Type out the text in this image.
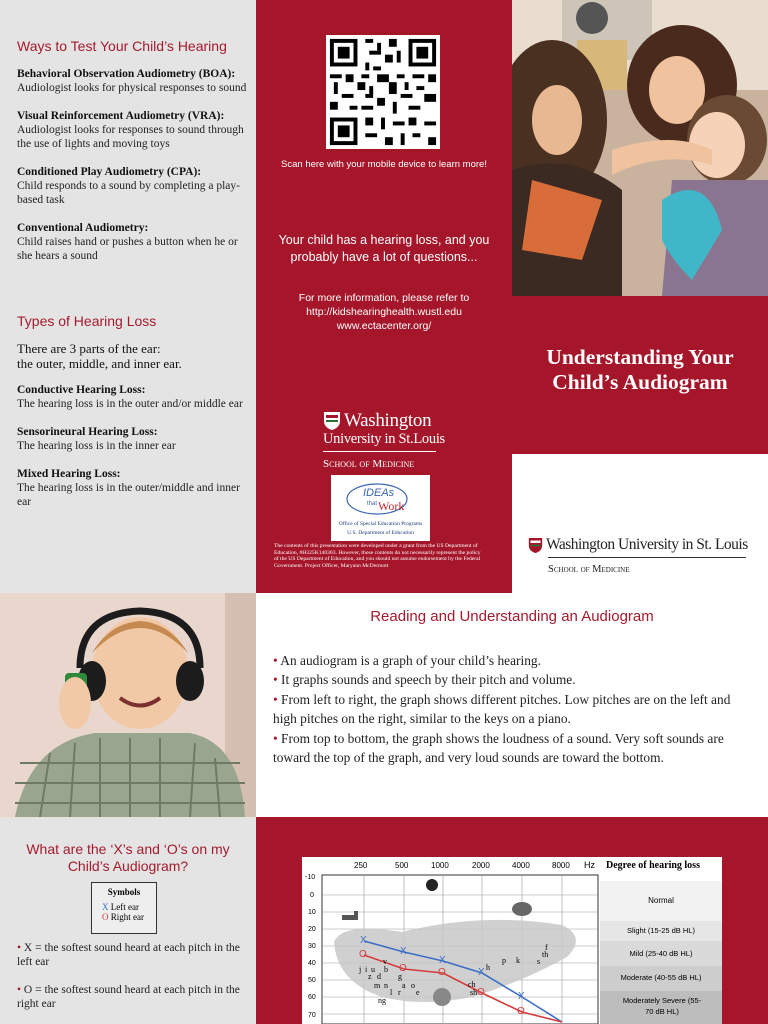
Ways to Test Your Child’s Hearing
Behavioral Observation Audiometry (BOA):
Audiologist looks for physical responses to sound
Visual Reinforcement Audiometry (VRA):
Audiologist looks for responses to sound through the use of lights and moving toys
Conditioned Play Audiometry (CPA):
Child responds to a sound by completing a play-based task
Conventional Audiometry:
Child raises hand or pushes a button when he or she hears a sound
Types of Hearing Loss
There are 3 parts of the ear:
the outer, middle, and inner ear.
Conductive Hearing Loss:
The hearing loss is in the outer and/or middle ear
Sensorineural Hearing Loss:
The hearing loss is in the inner ear
Mixed Hearing Loss:
The hearing loss is in the outer/middle and inner ear
Scan here with your mobile device to learn more!
Your child has a hearing loss, and you
probably have a lot of questions...
For more information, please refer to
http://kidshearinghealth.wustl.edu
www.ectacenter.org/
Washington
University in St.Louis
School of Medicine
IDEAs
that Work
Office of Special Education Programs
U.S. Department of Education
The contents of this presentation were developed under a grant from the US Department of Education, #H325K140303. However, those contents do not necessarily represent the policy of the US Department of Education, and you should not assume endorsement by the Federal Government. Project Officer, Maryann McDermott
Understanding Your
Child’s Audiogram
Washington University in St. Louis
School of Medicine
Reading and Understanding an Audiogram

• An audiogram is a graph of your child’s hearing.

• It graphs sounds and speech by their pitch and volume.

• From left to right, the graph shows different pitches. Low pitches are on the left and high pitches on the right, similar to the keys on a piano.

• From top to bottom, the graph shows the loudness of a sound. Very soft sounds are toward the top of the graph, and very loud sounds are toward the bottom.

What are the ‘X’s and ‘O’s on my
Child’s Audiogram?
Symbols
X Left ear
O Right ear

• X = the softest sound heard at each pitch in the left ear

• O = the softest sound heard at each pitch in the right ear

250	500	1000	2000	4000	8000 Hz
-10
0
10
20
30
40
50
60
70
Degree of hearing loss
Normal
Slight (15-25 dB HL)
Mild (25-40 dB HL)
Moderate (40-55 dB HL)
Moderately Severe (55-70 dB HL)
f
th
s
p k
h
ch
sh
g
j i u b
z d
v
m n a o
r e
l
ng
X
X
X
X
X
O
O	O
O
O
